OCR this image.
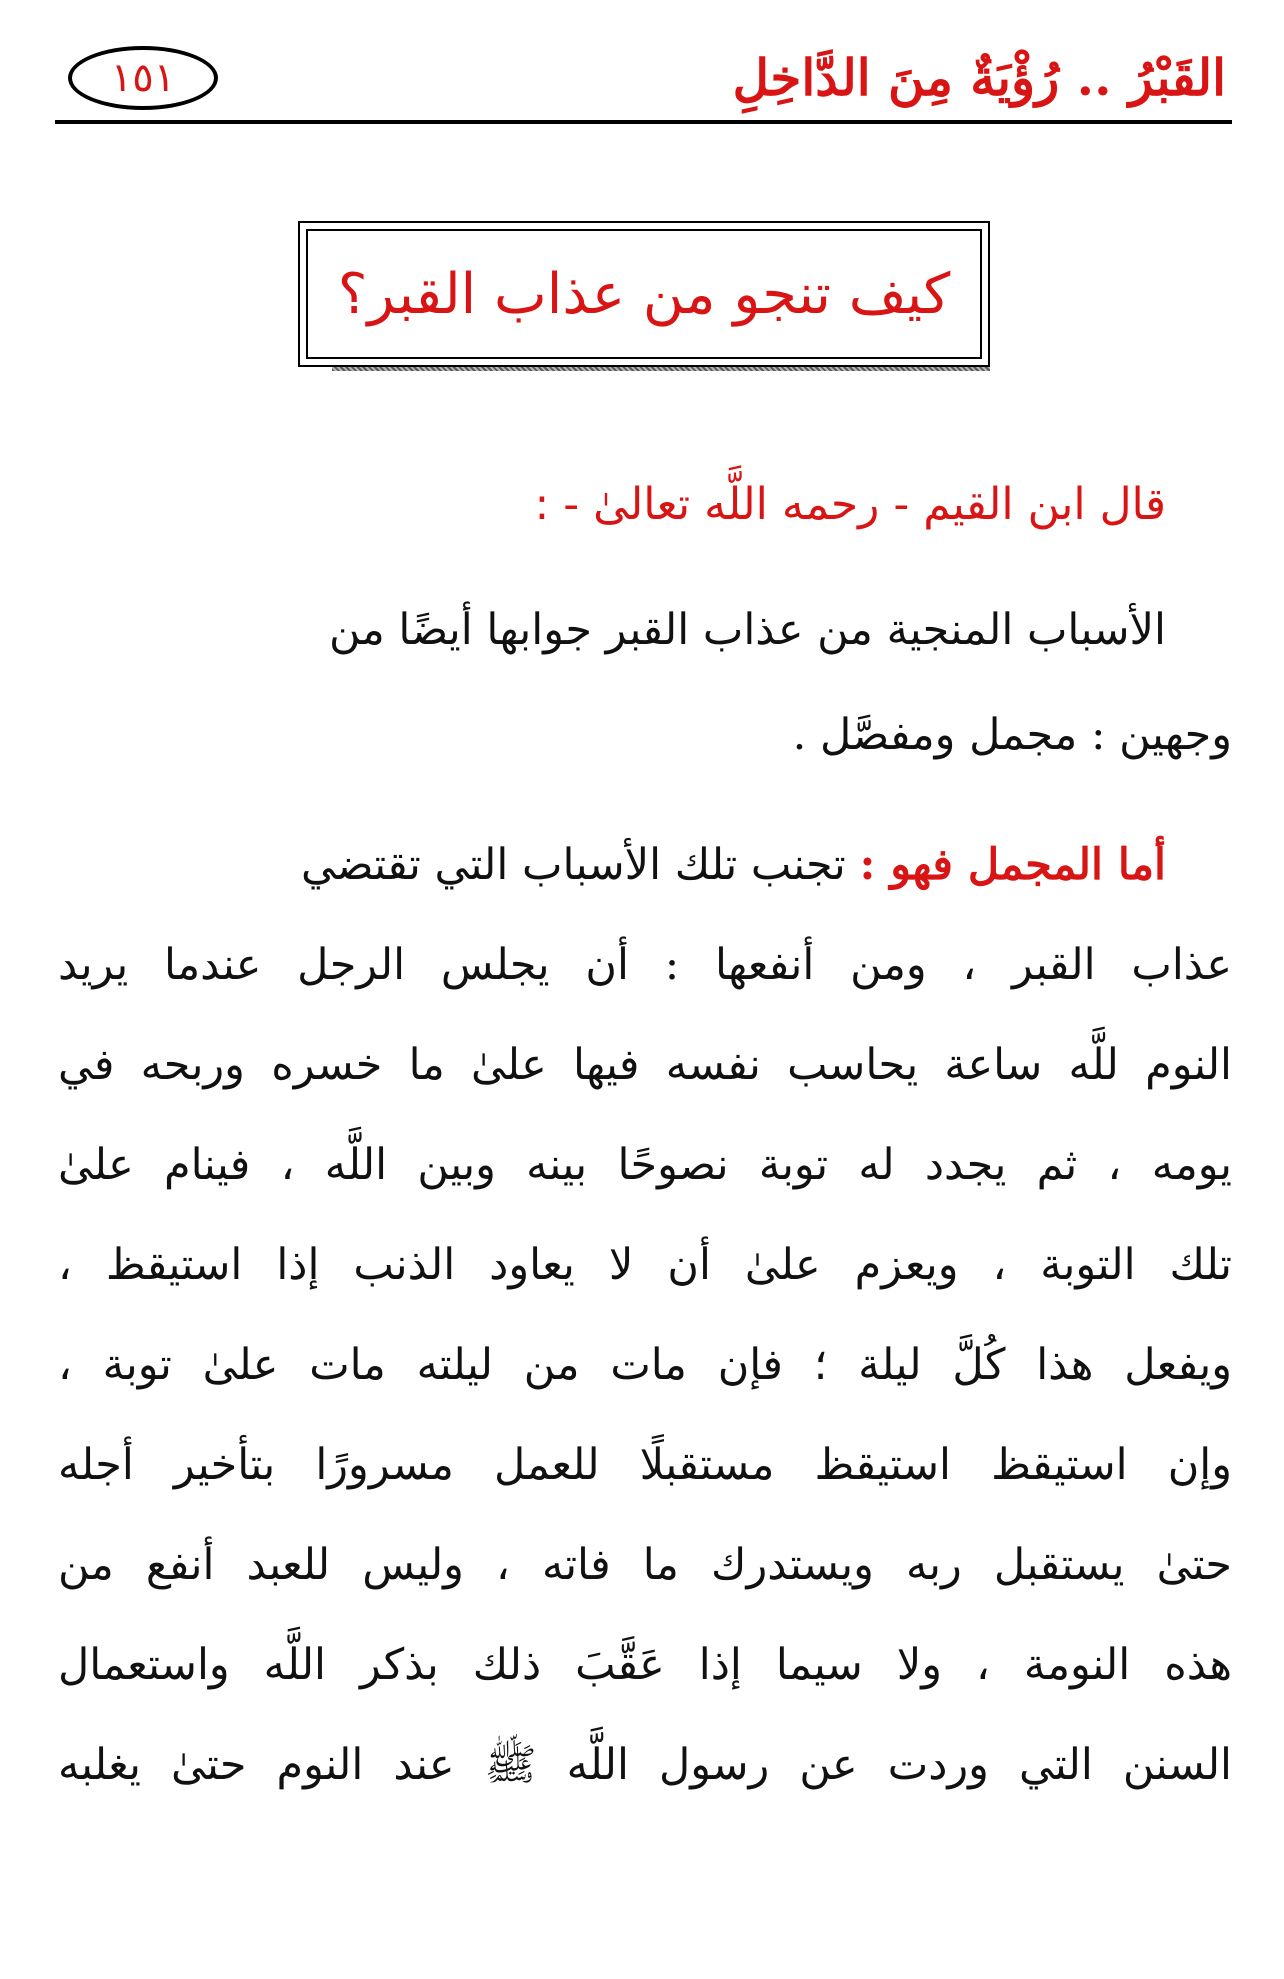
القَبْرُ .. رُؤْيَةٌ مِنَ الدَّاخِلِ
١٥١
كيف تنجو من عذاب القبر؟
قال ابن القيم - رحمه اللَّه تعالىٰ - :
الأسباب المنجية من عذاب القبر جوابها أيضًا من
وجهين : مجمل ومفصَّل .
أما المجمل فهو : تجنب تلك الأسباب التي تقتضي
عذاب القبر ، ومن أنفعها : أن يجلس الرجل عندما يريد
النوم للَّه ساعة يحاسب نفسه فيها علىٰ ما خسره وربحه في
يومه ، ثم يجدد له توبة نصوحًا بينه وبين اللَّه ، فينام علىٰ
تلك التوبة ، ويعزم علىٰ أن لا يعاود الذنب إذا استيقظ ،
ويفعل هذا كُلَّ ليلة ؛ فإن مات من ليلته مات علىٰ توبة ،
وإن استيقظ استيقظ مستقبلًا للعمل مسرورًا بتأخير أجله
حتىٰ يستقبل ربه ويستدرك ما فاته ، وليس للعبد أنفع من
هذه النومة ، ولا سيما إذا عَقَّبَ ذلك بذكر اللَّه واستعمال
السنن التي وردت عن رسول اللَّه ﷺ عند النوم حتىٰ يغلبه
